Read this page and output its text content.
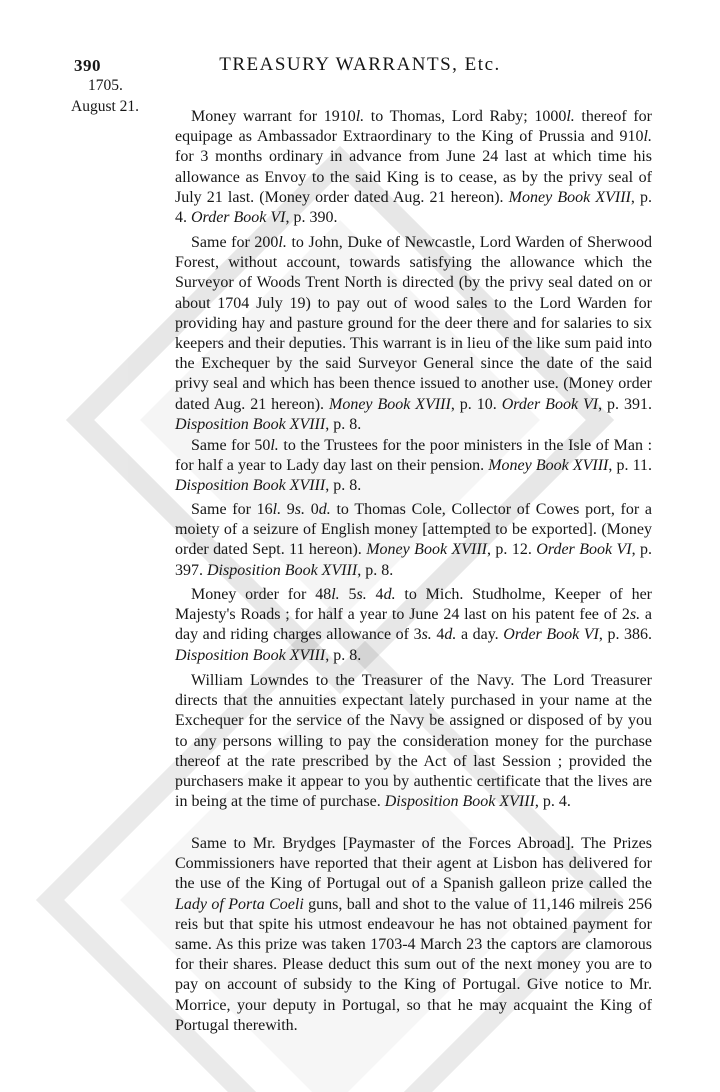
390	TREASURY WARRANTS, Etc.
1705.
August 21.

Money warrant for 1910l. to Thomas, Lord Raby; 1000l. thereof for equipage as Ambassador Extraordinary to the King of Prussia and 910l. for 3 months ordinary in advance from June 24 last at which time his allowance as Envoy to the said King is to cease, as by the privy seal of July 21 last. (Money order dated Aug. 21 hereon). Money Book XVIII, p. 4. Order Book VI, p. 390.

Same for 200l. to John, Duke of Newcastle, Lord Warden of Sherwood Forest, without account, towards satisfying the allowance which the Surveyor of Woods Trent North is directed (by the privy seal dated on or about 1704 July 19) to pay out of wood sales to the Lord Warden for providing hay and pasture ground for the deer there and for salaries to six keepers and their deputies. This warrant is in lieu of the like sum paid into the Exchequer by the said Surveyor General since the date of the said privy seal and which has been thence issued to another use. (Money order dated Aug. 21 hereon). Money Book XVIII, p. 10. Order Book VI, p. 391. Disposition Book XVIII, p. 8.

Same for 50l. to the Trustees for the poor ministers in the Isle of Man : for half a year to Lady day last on their pension. Money Book XVIII, p. 11. Disposition Book XVIII, p. 8.

Same for 16l. 9s. 0d. to Thomas Cole, Collector of Cowes port, for a moiety of a seizure of English money [attempted to be exported]. (Money order dated Sept. 11 hereon). Money Book XVIII, p. 12. Order Book VI, p. 397. Disposition Book XVIII, p. 8.

Money order for 48l. 5s. 4d. to Mich. Studholme, Keeper of her Majesty's Roads ; for half a year to June 24 last on his patent fee of 2s. a day and riding charges allowance of 3s. 4d. a day. Order Book VI, p. 386. Disposition Book XVIII, p. 8.

William Lowndes to the Treasurer of the Navy. The Lord Treasurer directs that the annuities expectant lately purchased in your name at the Exchequer for the service of the Navy be assigned or disposed of by you to any persons willing to pay the consideration money for the purchase thereof at the rate prescribed by the Act of last Session ; provided the purchasers make it appear to you by authentic certificate that the lives are in being at the time of purchase. Disposition Book XVIII, p. 4.

Same to Mr. Brydges [Paymaster of the Forces Abroad]. The Prizes Commissioners have reported that their agent at Lisbon has delivered for the use of the King of Portugal out of a Spanish galleon prize called the Lady of Porta Coeli guns, ball and shot to the value of 11,146 milreis 256 reis but that spite his utmost endeavour he has not obtained payment for same. As this prize was taken 1703-4 March 23 the captors are clamorous for their shares. Please deduct this sum out of the next money you are to pay on account of subsidy to the King of Portugal. Give notice to Mr. Morrice, your deputy in Portugal, so that he may acquaint the King of Portugal therewith.
